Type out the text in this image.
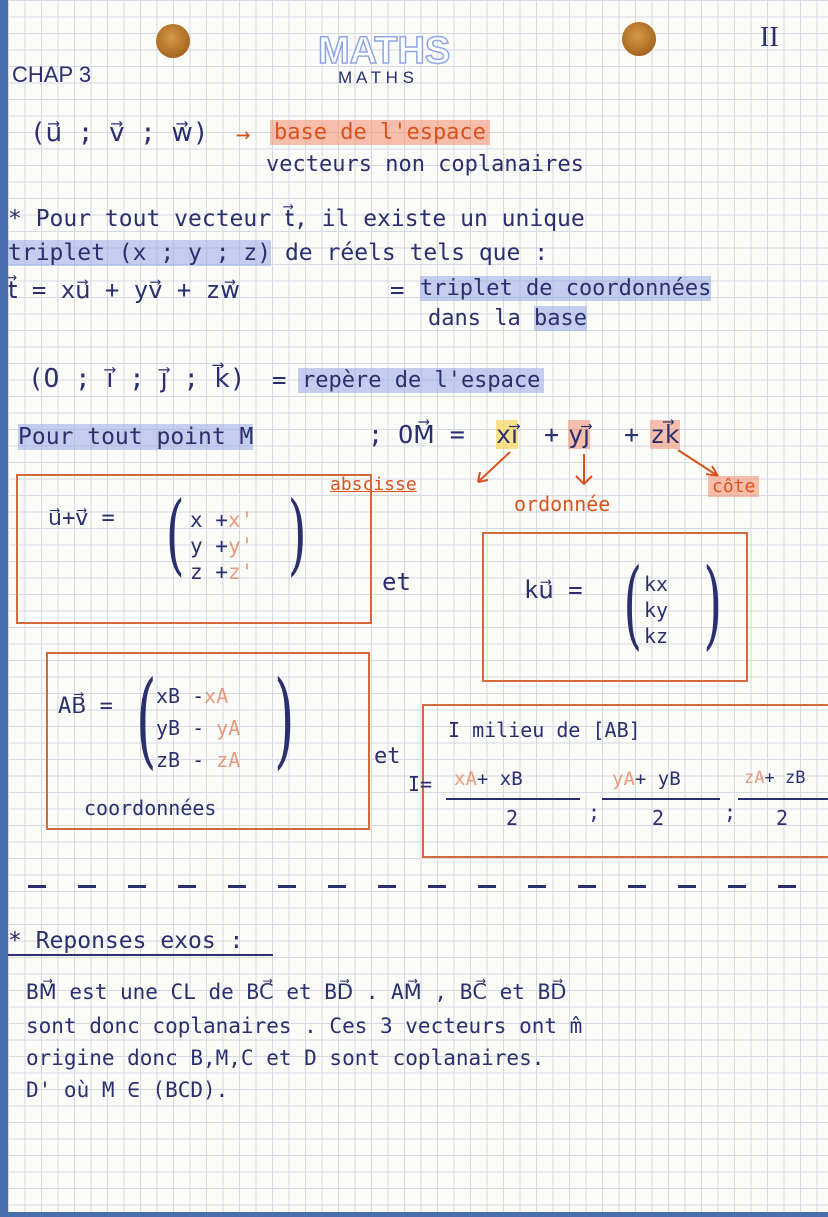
CHAP 3
MATHS
M A T H S
II
(u⃗ ; v⃗ ; w⃗) → base de l'espace
vecteurs non coplanaires
* Pour tout vecteur t⃗, il existe un unique
triplet (x ; y ; z) de réels tels que :
t⃗ = xu⃗ + yv⃗ + zw⃗	= triplet de coordonnées
dans la base
(O ; i⃗ ; j⃗ ; k⃗) = repère de l'espace
Pour tout point M	; OM⃗ = xi⃗ + yj⃗ + zk⃗
abscisse
ordonnée
côte
u⃗+v⃗ = ( )
x +x'
y +y'
z +z'	et	ku⃗ = ( )
kx
ky
kz
AB⃗ = ( )
xB -xA
yB - yA
zB - zA
coordonnées
et
I milieu de [AB]
I= xA+ xB
2	;
yA+ yB
2	;
zA+ zB
2
* Reponses exos :
BM⃗ est une CL de BC⃗ et BD⃗ . AM⃗ , BC⃗ et BD⃗
sont donc coplanaires . Ces 3 vecteurs ont m̂
origine donc B,M,C et D sont coplanaires.
D' où M ∈ (BCD).
